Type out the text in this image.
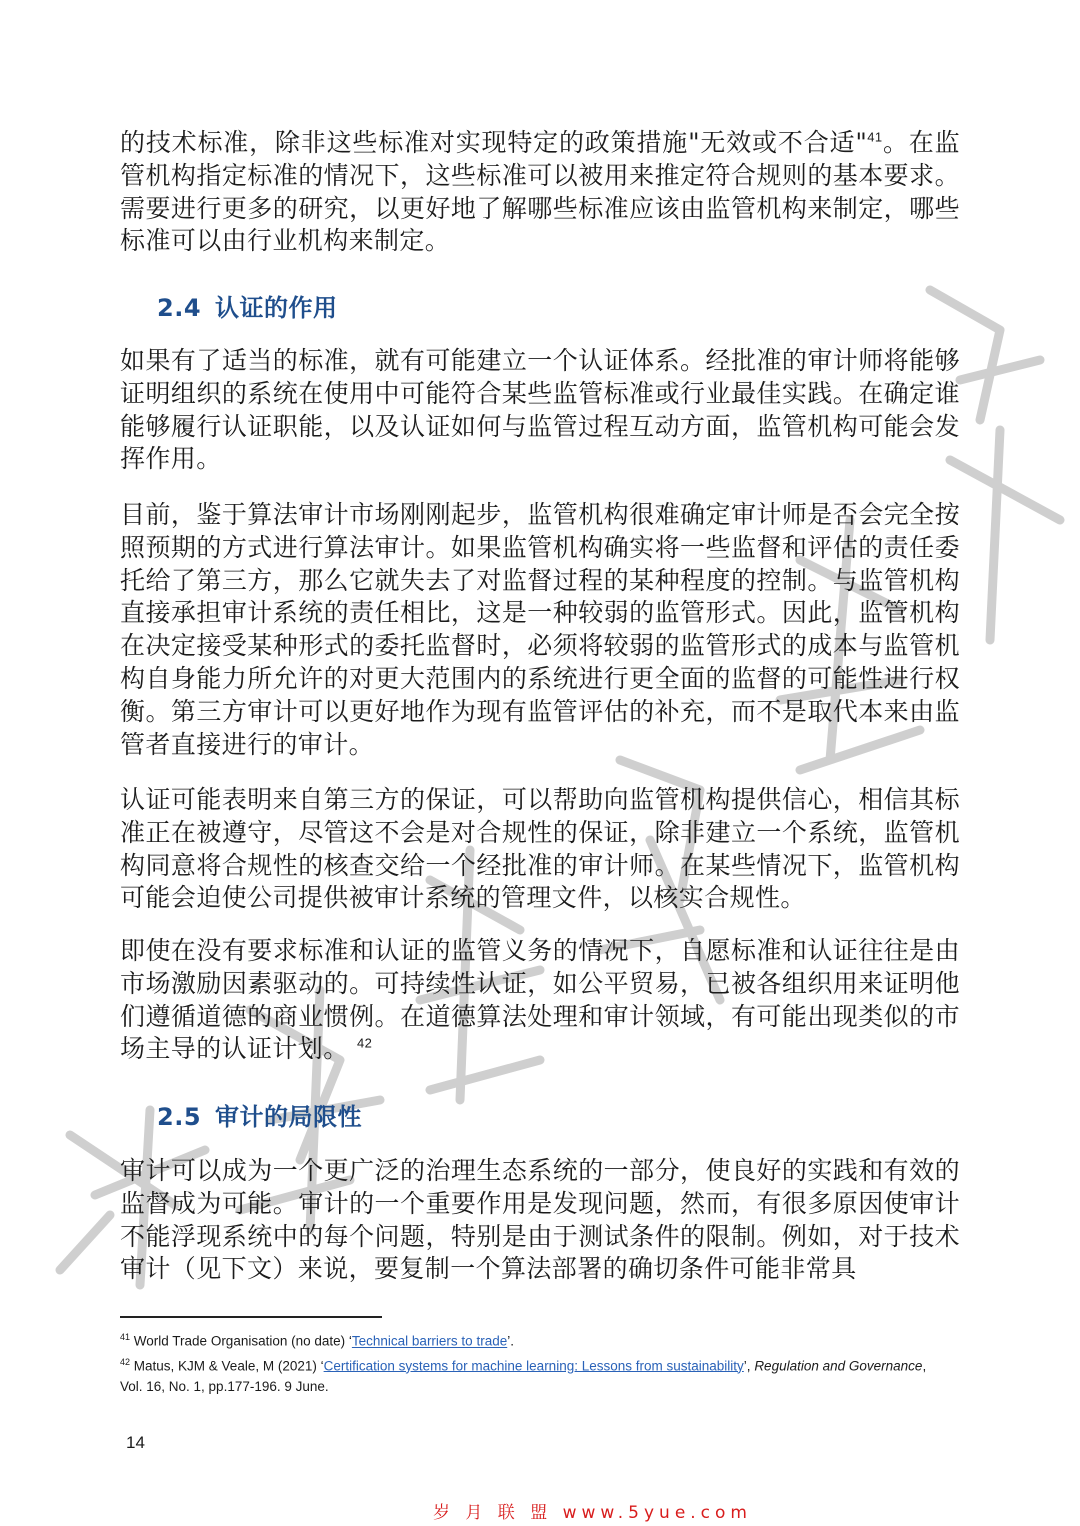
的技术标准，除非这些标准对实现特定的政策措施"无效或不合适"$^{41}$。在监管机构指定标准的情况下，这些标准可以被用来推定符合规则的基本要求。需要进行更多的研究，以更好地了解哪些标准应该由监管机构来制定，哪些标准可以由行业机构来制定。

2.4 认证的作用

如果有了适当的标准，就有可能建立一个认证体系。经批准的审计师将能够证明组织的系统在使用中可能符合某些监管标准或行业最佳实践。在确定谁能够履行认证职能，以及认证如何与监管过程互动方面，监管机构可能会发挥作用。

目前，鉴于算法审计市场刚刚起步，监管机构很难确定审计师是否会完全按照预期的方式进行算法审计。如果监管机构确实将一些监督和评估的责任委托给了第三方，那么它就失去了对监督过程的某种程度的控制。与监管机构直接承担审计系统的责任相比，这是一种较弱的监管形式。因此，监管机构在决定接受某种形式的委托监督时，必须将较弱的监管形式的成本与监管机构自身能力所允许的对更大范围内的系统进行更全面的监督的可能性进行权衡。第三方审计可以更好地作为现有监管评估的补充，而不是取代本来由监管者直接进行的审计。

认证可能表明来自第三方的保证，可以帮助向监管机构提供信心，相信其标准正在被遵守，尽管这不会是对合规性的保证，除非建立一个系统，监管机构同意将合规性的核查交给一个经批准的审计师。在某些情况下，监管机构可能会迫使公司提供被审计系统的管理文件，以核实合规性。

即使在没有要求标准和认证的监管义务的情况下，自愿标准和认证往往是由市场激励因素驱动的。可持续性认证，如公平贸易，已被各组织用来证明他们遵循道德的商业惯例。在道德算法处理和审计领域，有可能出现类似的市场主导的认证计划。 $^{42}$

2.5 审计的局限性

审计可以成为一个更广泛的治理生态系统的一部分，使良好的实践和有效的监督成为可能。审计的一个重要作用是发现问题，然而，有很多原因使审计不能浮现系统中的每个问题，特别是由于测试条件的限制。例如，对于技术审计（见下文）来说，要复制一个算法部署的确切条件可能非常具

$^{41}$ World Trade Organisation (no date) ‘Technical barriers to trade’.

$^{42}$ Matus, KJM & Veale, M (2021) ‘Certification systems for machine learning: Lessons from sustainability’, Regulation and Governance, Vol. 16, No. 1, pp.177-196. 9 June.

14
岁 月 联 盟 www.5yue.com
